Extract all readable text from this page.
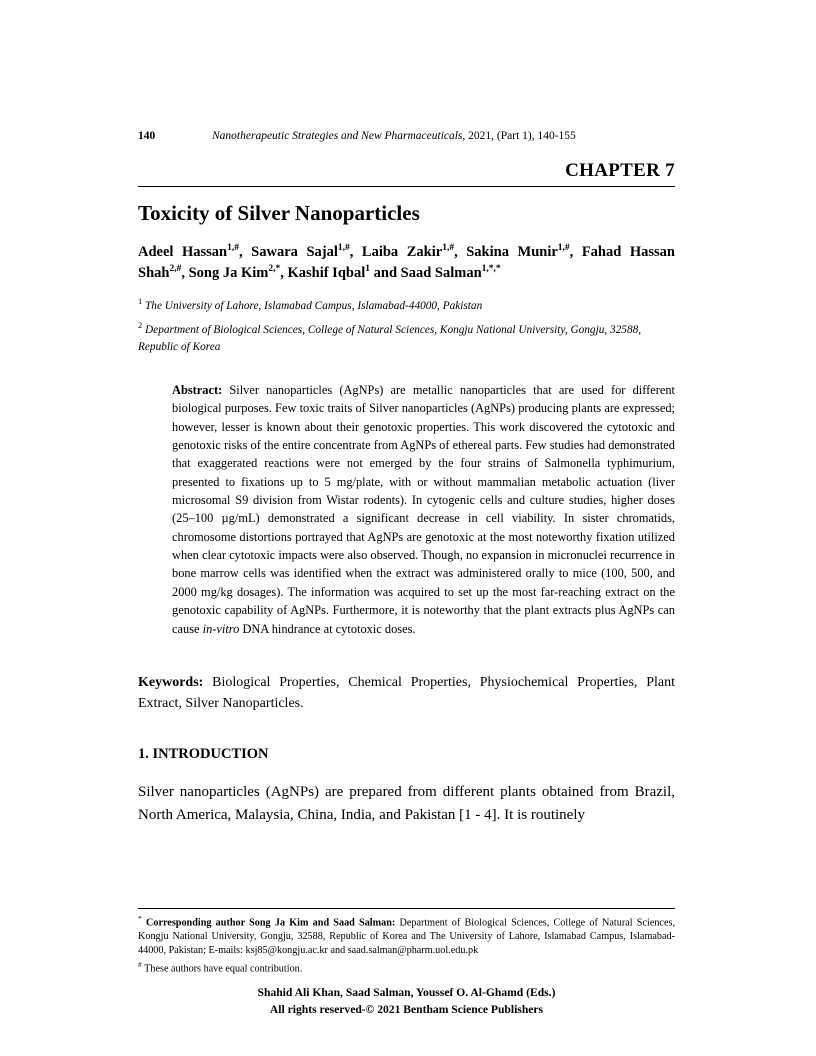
140	Nanotherapeutic Strategies and New Pharmaceuticals, 2021, (Part 1), 140-155
CHAPTER 7
Toxicity of Silver Nanoparticles

Adeel Hassan$^{1,\#}$, Sawara Sajal$^{1,\#}$, Laiba Zakir$^{1,\#}$, Sakina Munir$^{1,\#}$, Fahad Hassan Shah$^{2,\#}$, Song Ja Kim$^{2,*}$, Kashif Iqbal$^1$ and Saad Salman$^{1,*,*}$

$^1$ The University of Lahore, Islamabad Campus, Islamabad-44000, Pakistan

$^2$ Department of Biological Sciences, College of Natural Sciences, Kongju National University, Gongju, 32588, Republic of Korea

Abstract: Silver nanoparticles (AgNPs) are metallic nanoparticles that are used for different biological purposes. Few toxic traits of Silver nanoparticles (AgNPs) producing plants are expressed; however, lesser is known about their genotoxic properties. This work discovered the cytotoxic and genotoxic risks of the entire concentrate from AgNPs of ethereal parts. Few studies had demonstrated that exaggerated reactions were not emerged by the four strains of Salmonella typhimurium, presented to fixations up to 5 mg/plate, with or without mammalian metabolic actuation (liver microsomal S9 division from Wistar rodents). In cytogenic cells and culture studies, higher doses (25–100 µg/mL) demonstrated a significant decrease in cell viability. In sister chromatids, chromosome distortions portrayed that AgNPs are genotoxic at the most noteworthy fixation utilized when clear cytotoxic impacts were also observed. Though, no expansion in micronuclei recurrence in bone marrow cells was identified when the extract was administered orally to mice (100, 500, and 2000 mg/kg dosages). The information was acquired to set up the most far-reaching extract on the genotoxic capability of AgNPs. Furthermore, it is noteworthy that the plant extracts plus AgNPs can cause in-vitro DNA hindrance at cytotoxic doses.

Keywords: Biological Properties, Chemical Properties, Physiochemical Properties, Plant Extract, Silver Nanoparticles.

1. INTRODUCTION

Silver nanoparticles (AgNPs) are prepared from different plants obtained from Brazil, North America, Malaysia, China, India, and Pakistan [1 - 4]. It is routinely

* Corresponding author Song Ja Kim and Saad Salman: Department of Biological Sciences, College of Natural Sciences, Kongju National University, Gongju, 32588, Republic of Korea and The University of Lahore, Islamabad Campus, Islamabad-44000, Pakistan; E-mails: ksj85@kongju.ac.kr and saad.salman@pharm.uol.edu.pk

# These authors have equal contribution.

Shahid Ali Khan, Saad Salman, Youssef O. Al-Ghamd (Eds.)
All rights reserved-© 2021 Bentham Science Publishers
